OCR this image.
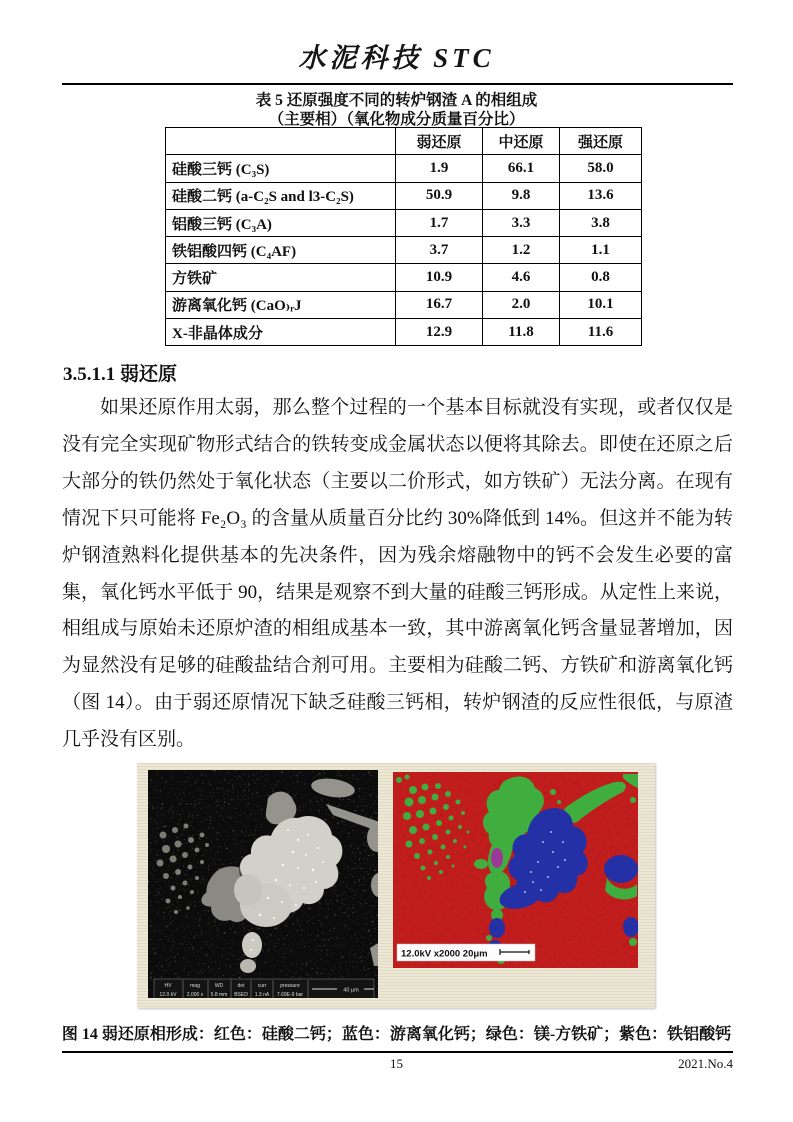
水泥科技 STC
表 5 还原强度不同的转炉钢渣 A 的相组成
（主要相）（氧化物成分质量百分比）
	弱还原	中还原	强还原
硅酸三钙 (C₃S)	1.9	66.1	58.0
硅酸二钙 (a-C₂S and l3-C₂S)	50.9	9.8	13.6
铝酸三钙 (C₃A)	1.7	3.3	3.8
铁铝酸四钙 (C₄AF)	3.7	1.2	1.1
方铁矿	10.9	4.6	0.8
游离氧化钙 (CaO₎ᵣJ	16.7	2.0	10.1
X-非晶体成分	12.9	11.8	11.6
3.5.1.1 弱还原
如果还原作用太弱，那么整个过程的一个基本目标就没有实现，或者仅仅是没有完全实现矿物形式结合的铁转变成金属状态以便将其除去。即使在还原之后大部分的铁仍然处于氧化状态（主要以二价形式，如方铁矿）无法分离。在现有情况下只可能将 Fe₂O₃ 的含量从质量百分比约 30%降低到 14%。但这并不能为转炉钢渣熟料化提供基本的先决条件，因为残余熔融物中的钙不会发生必要的富集，氧化钙水平低于 90，结果是观察不到大量的硅酸三钙形成。从定性上来说，相组成与原始未还原炉渣的相组成基本一致，其中游离氧化钙含量显著增加，因为显然没有足够的硅酸盐结合剂可用。主要相为硅酸二钙、方铁矿和游离氧化钙（图 14）。由于弱还原情况下缺乏硅酸三钙相，转炉钢渣的反应性很低，与原渣几乎没有区别。
HV	mag	WD	det	curr	pressure
12.0 kV 2,000 x 5.8 mm BSED 1.3 nA 7.69E-9 bar
40 μm
12.0kV x2000 20μm
图 14 弱还原相形成：红色：硅酸二钙；蓝色：游离氧化钙；绿色：镁-方铁矿；紫色：铁铝酸钙
15	2021.No.4
